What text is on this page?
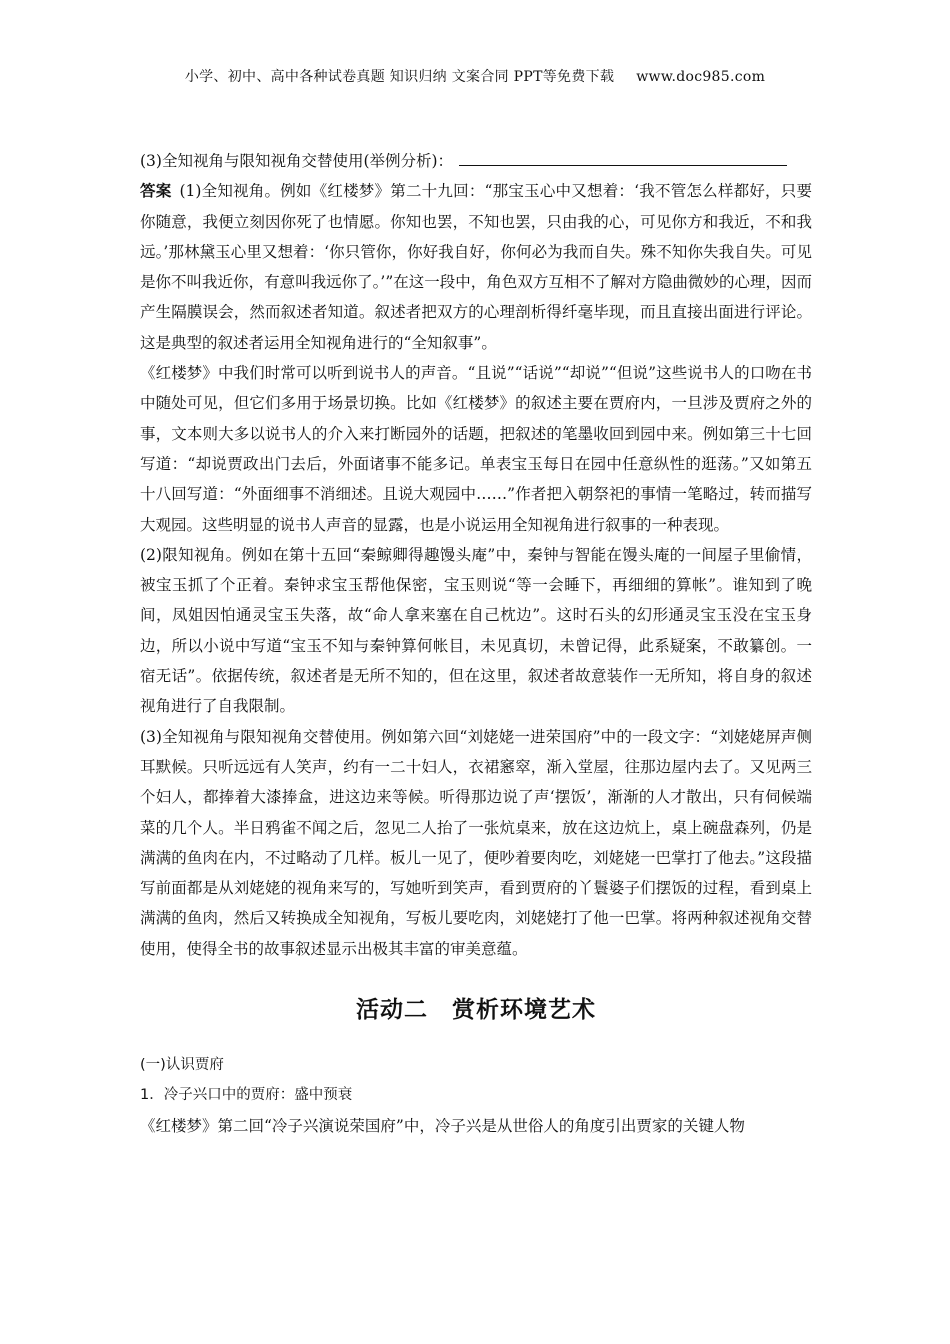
小学、初中、高中各种试卷真题 知识归纳 文案合同 PPT等免费下载 www.doc985.com

(3)全知视角与限知视角交替使用(举例分析)：

答案 (1)全知视角。例如《红楼梦》第二十九回：“那宝玉心中又想着：‘我不管怎么样都好，只要你随意，我便立刻因你死了也情愿。你知也罢，不知也罢，只由我的心，可见你方和我近，不和我远。’那林黛玉心里又想着：‘你只管你，你好我自好，你何必为我而自失。殊不知你失我自失。可见是你不叫我近你，有意叫我远你了。’”在这一段中，角色双方互相不了解对方隐曲微妙的心理，因而产生隔膜误会，然而叙述者知道。叙述者把双方的心理剖析得纤毫毕现，而且直接出面进行评论。这是典型的叙述者运用全知视角进行的“全知叙事”。

《红楼梦》中我们时常可以听到说书人的声音。“且说”“话说”“却说”“但说”这些说书人的口吻在书中随处可见，但它们多用于场景切换。比如《红楼梦》的叙述主要在贾府内，一旦涉及贾府之外的事，文本则大多以说书人的介入来打断园外的话题，把叙述的笔墨收回到园中来。例如第三十七回写道：“却说贾政出门去后，外面诸事不能多记。单表宝玉每日在园中任意纵性的逛荡。”又如第五十八回写道：“外面细事不消细述。且说大观园中……”作者把入朝祭祀的事情一笔略过，转而描写大观园。这些明显的说书人声音的显露，也是小说运用全知视角进行叙事的一种表现。

(2)限知视角。例如在第十五回“秦鲸卿得趣馒头庵”中，秦钟与智能在馒头庵的一间屋子里偷情，被宝玉抓了个正着。秦钟求宝玉帮他保密，宝玉则说“等一会睡下，再细细的算帐”。谁知到了晚间，凤姐因怕通灵宝玉失落，故“命人拿来塞在自己枕边”。这时石头的幻形通灵宝玉没在宝玉身边，所以小说中写道“宝玉不知与秦钟算何帐目，未见真切，未曾记得，此系疑案，不敢纂创。一宿无话”。依据传统，叙述者是无所不知的，但在这里，叙述者故意装作一无所知，将自身的叙述视角进行了自我限制。

(3)全知视角与限知视角交替使用。例如第六回“刘姥姥一进荣国府”中的一段文字：“刘姥姥屏声侧耳默候。只听远远有人笑声，约有一二十妇人，衣裙窸窣，渐入堂屋，往那边屋内去了。又见两三个妇人，都捧着大漆捧盒，进这边来等候。听得那边说了声‘摆饭’，渐渐的人才散出，只有伺候端菜的几个人。半日鸦雀不闻之后，忽见二人抬了一张炕桌来，放在这边炕上，桌上碗盘森列，仍是满满的鱼肉在内，不过略动了几样。板儿一见了，便吵着要肉吃，刘姥姥一巴掌打了他去。”这段描写前面都是从刘姥姥的视角来写的，写她听到笑声，看到贾府的丫鬟婆子们摆饭的过程，看到桌上满满的鱼肉，然后又转换成全知视角，写板儿要吃肉，刘姥姥打了他一巴掌。将两种叙述视角交替使用，使得全书的故事叙述显示出极其丰富的审美意蕴。

活动二　赏析环境艺术

(一)认识贾府

1．冷子兴口中的贾府：盛中预衰

《红楼梦》第二回“冷子兴演说荣国府”中，冷子兴是从世俗人的角度引出贾家的关键人物
